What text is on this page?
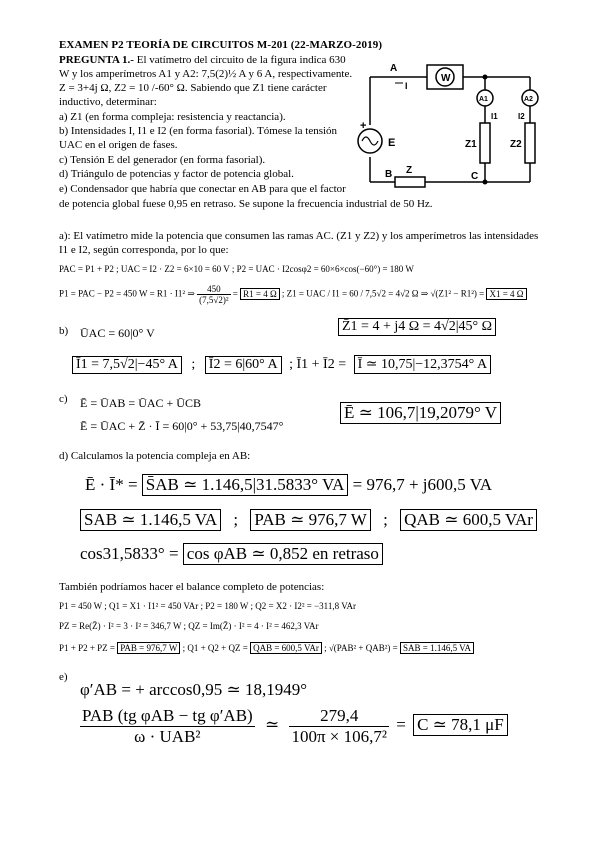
EXAMEN P2 TEORÍA DE CIRCUITOS M-201 (22-MARZO-2019)
PREGUNTA 1.- El vatímetro del circuito de la figura indica 630
W y los amperímetros A1 y A2: 7,5(2)½ A y 6 A, respectivamente.
Z = 3+4j Ω, Z2 = 10 /-60° Ω. Sabiendo que Z1 tiene carácter
inductivo, determinar:
a) Z1 (en forma compleja: resistencia y reactancia).
b) Intensidades I, I1 e I2 (en forma fasorial). Tómese la tensión
UAC en el origen de fases.
c) Tensión E del generador (en forma fasorial).
d) Triángulo de potencias y factor de potencia global.
e) Condensador que habría que conectar en AB para que el factor
de potencia global fuese 0,95 en retraso. Se supone la frecuencia industrial de 50 Hz.
W
+
E
A1	A2
Z1	Z2
Z
I
I1	I2
A
B	C
a): El vatímetro mide la potencia que consumen las ramas AC. (Z1 y Z2) y los amperímetros las intensidades
I1 e I2, según corresponda, por lo que:
PAC = P1 + P2 ; UAC = I2 · Z2 = 6×10 = 60 V ; P2 = UAC · I2cosφ2 = 60×6×cos(−60°) = 180 W
P1 = PAC − P2 = 450 W = R1 · I1² ⇒ $\frac{450}{\text{(7,5√2)²}} = R1 = 4$ Ω ; Z1 = UAC / I1 = 60 / 7,5√2 = 4√2 Ω ⇒ √(Z1² − R1²) = X1 = 4 Ω
b) ŪAC = 60|0° V	Z̄1 = 4 + j4 Ω = 4√2|45° Ω
Ī1 = 7,5√2|−45° A ; Ī2 = 6|60° A ; Ī1 + Ī2 = Ī ≃ 10,75|−12,3754° A
c) Ē = ŪAB = ŪAC + ŪCB
Ē = ŪAC + Z̄ · Ī = 60|0° + 53,75|40,7547°
Ē ≃ 106,7|19,2079° V
d) Calculamos la potencia compleja en AB:
Ē · Ī* = S̄AB ≃ 1.146,5|31.5833° VA = 976,7 + j600,5 VA
SAB ≃ 1.146,5 VA ; PAB ≃ 976,7 W ; QAB ≃ 600,5 VAr
cos31,5833° = cos φAB ≃ 0,852 en retraso
También podríamos hacer el balance completo de potencias:
P1 = 450 W ; Q1 = X1 · I1² = 450 VAr ; P2 = 180 W ; Q2 = X2 · I2² = −311,8 VAr
PZ = Re(Z̄) · I² = 3 · I² = 346,7 W ; QZ = Im(Z̄) · I² = 4 · I² = 462,3 VAr
P1 + P2 + PZ = PAB = 976,7 W ; Q1 + Q2 + QZ = QAB = 600,5 VAr ; √(PAB² + QAB²) = SAB = 1.146,5 VA
e)
φ′AB = + arccos0,95 ≃ 18,1949°
$\frac{\text{PAB (tg φAB − tg φ′AB)}}{\text{ω · UAB²}}$ ≃ $\frac{279,4}{\text{100π × 106,7²}} = C$ ≃ 78,1 μF
